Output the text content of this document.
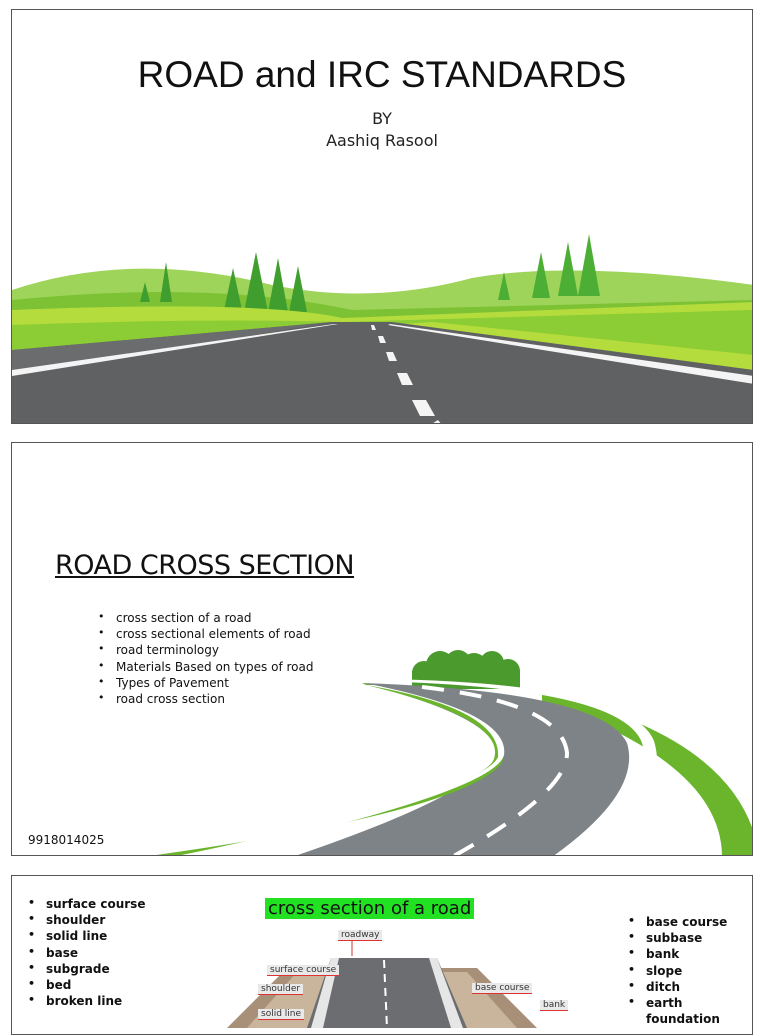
ROAD and IRC STANDARDS
BY
Aashiq Rasool
ROAD CROSS SECTION
• cross section of a road
• cross sectional elements of road
• road terminology
• Materials Based on types of road
• Types of Pavement
• road cross section
9918014025
• surface course
• shoulder
• solid line
• base
• subgrade
• bed
• broken line
cross section of a road
roadway
surface course
shoulder
solid line
base course
bank
• base course
• subbase
• bank
• slope
• ditch
• earth foundation
